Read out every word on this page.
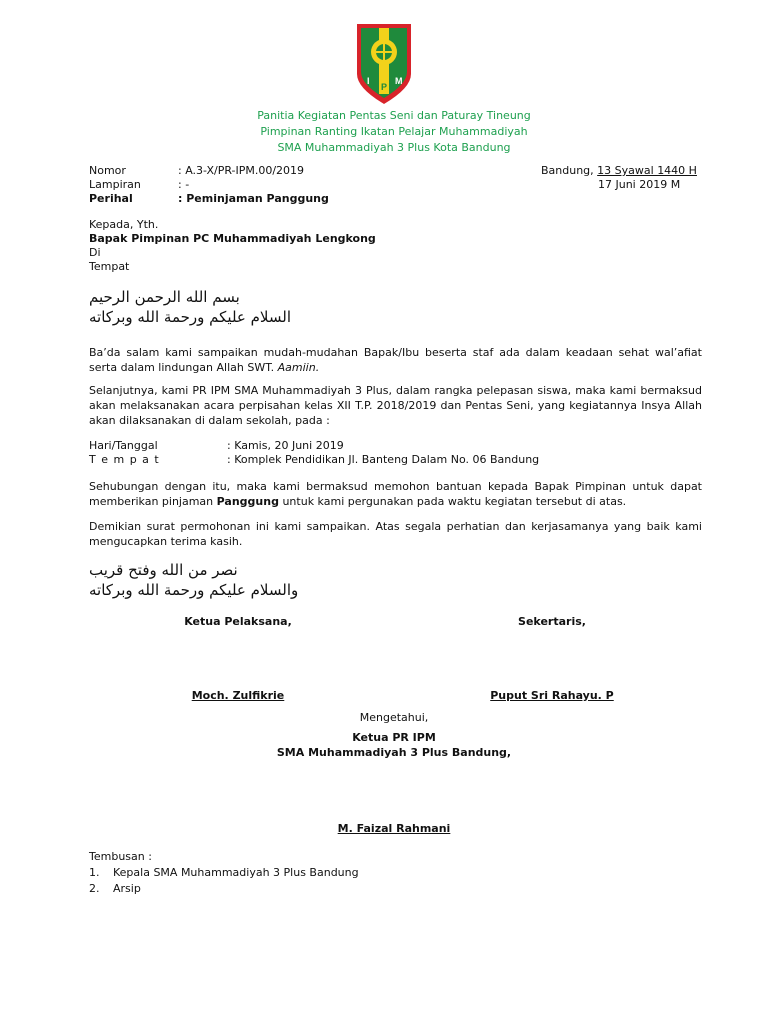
I
P
M
Panitia Kegiatan Pentas Seni dan Paturay Tineung
Pimpinan Ranting Ikatan Pelajar Muhammadiyah
SMA Muhammadiyah 3 Plus Kota Bandung
Nomor	: A.3-X/PR-IPM.00/2019
Lampiran	: -
Perihal	: Peminjaman Panggung
Bandung, 13 Syawal 1440 H
17 Juni 2019 M
Kepada, Yth.
Bapak Pimpinan PC Muhammadiyah Lengkong
Di
Tempat
بسم الله الرحمن الرحيم
السلام عليكم ورحمة الله وبركاته
Ba’da salam kami sampaikan mudah-mudahan Bapak/Ibu beserta staf ada dalam keadaan sehat wal’afiat serta dalam lindungan Allah SWT. Aamiin.
Selanjutnya, kami PR IPM SMA Muhammadiyah 3 Plus, dalam rangka pelepasan siswa, maka kami bermaksud akan melaksanakan acara perpisahan kelas XII T.P. 2018/2019 dan Pentas Seni, yang kegiatannya Insya Allah akan dilaksanakan di dalam sekolah, pada :
Hari/Tanggal	: Kamis, 20 Juni 2019
T e m p a t	: Komplek Pendidikan Jl. Banteng Dalam No. 06 Bandung
Sehubungan dengan itu, maka kami bermaksud memohon bantuan kepada Bapak Pimpinan untuk dapat memberikan pinjaman Panggung untuk kami pergunakan pada waktu kegiatan tersebut di atas.
Demikian surat permohonan ini kami sampaikan. Atas segala perhatian dan kerjasamanya yang baik kami mengucapkan terima kasih.
نصر من الله وفتح قريب
والسلام عليكم ورحمة الله وبركاته
Ketua Pelaksana,	Sekertaris,
Moch. Zulfikrie	Puput Sri Rahayu. P
Mengetahui,
Ketua PR IPM
SMA Muhammadiyah 3 Plus Bandung,
M. Faizal Rahmani
Tembusan :
1. Kepala SMA Muhammadiyah 3 Plus Bandung
2. Arsip
